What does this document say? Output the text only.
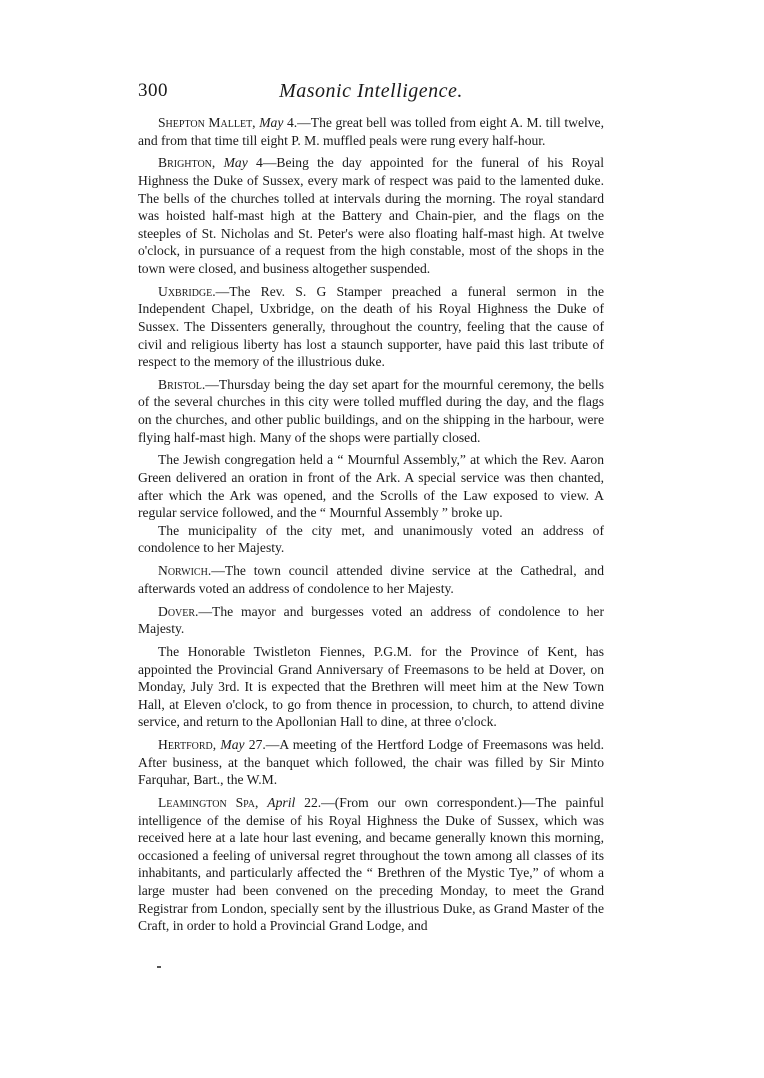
300	Masonic Intelligence.

Shepton Mallet, May 4.—The great bell was tolled from eight A. M. till twelve, and from that time till eight P. M. muffled peals were rung every half-hour.

Brighton, May 4—Being the day appointed for the funeral of his Royal Highness the Duke of Sussex, every mark of respect was paid to the lamented duke. The bells of the churches tolled at intervals during the morning. The royal standard was hoisted half-mast high at the Battery and Chain-pier, and the flags on the steeples of St. Nicholas and St. Peter's were also floating half-mast high. At twelve o'clock, in pursuance of a request from the high constable, most of the shops in the town were closed, and business altogether suspended.

Uxbridge.—The Rev. S. G Stamper preached a funeral sermon in the Independent Chapel, Uxbridge, on the death of his Royal Highness the Duke of Sussex. The Dissenters generally, throughout the country, feeling that the cause of civil and religious liberty has lost a staunch supporter, have paid this last tribute of respect to the memory of the illustrious duke.

Bristol.—Thursday being the day set apart for the mournful ceremony, the bells of the several churches in this city were tolled muffled during the day, and the flags on the churches, and other public buildings, and on the shipping in the harbour, were flying half-mast high. Many of the shops were partially closed.

The Jewish congregation held a “ Mournful Assembly,” at which the Rev. Aaron Green delivered an oration in front of the Ark. A special service was then chanted, after which the Ark was opened, and the Scrolls of the Law exposed to view. A regular service followed, and the “ Mournful Assembly ” broke up.

The municipality of the city met, and unanimously voted an address of condolence to her Majesty.

Norwich.—The town council attended divine service at the Cathedral, and afterwards voted an address of condolence to her Majesty.

Dover.—The mayor and burgesses voted an address of condolence to her Majesty.

The Honorable Twistleton Fiennes, P.G.M. for the Province of Kent, has appointed the Provincial Grand Anniversary of Freemasons to be held at Dover, on Monday, July 3rd. It is expected that the Brethren will meet him at the New Town Hall, at Eleven o'clock, to go from thence in procession, to church, to attend divine service, and return to the Apollonian Hall to dine, at three o'clock.

Hertford, May 27.—A meeting of the Hertford Lodge of Freemasons was held. After business, at the banquet which followed, the chair was filled by Sir Minto Farquhar, Bart., the W.M.

Leamington Spa, April 22.—(From our own correspondent.)—The painful intelligence of the demise of his Royal Highness the Duke of Sussex, which was received here at a late hour last evening, and became generally known this morning, occasioned a feeling of universal regret throughout the town among all classes of its inhabitants, and particularly affected the “ Brethren of the Mystic Tye,” of whom a large muster had been convened on the preceding Monday, to meet the Grand Registrar from London, specially sent by the illustrious Duke, as Grand Master of the Craft, in order to hold a Provincial Grand Lodge, and
